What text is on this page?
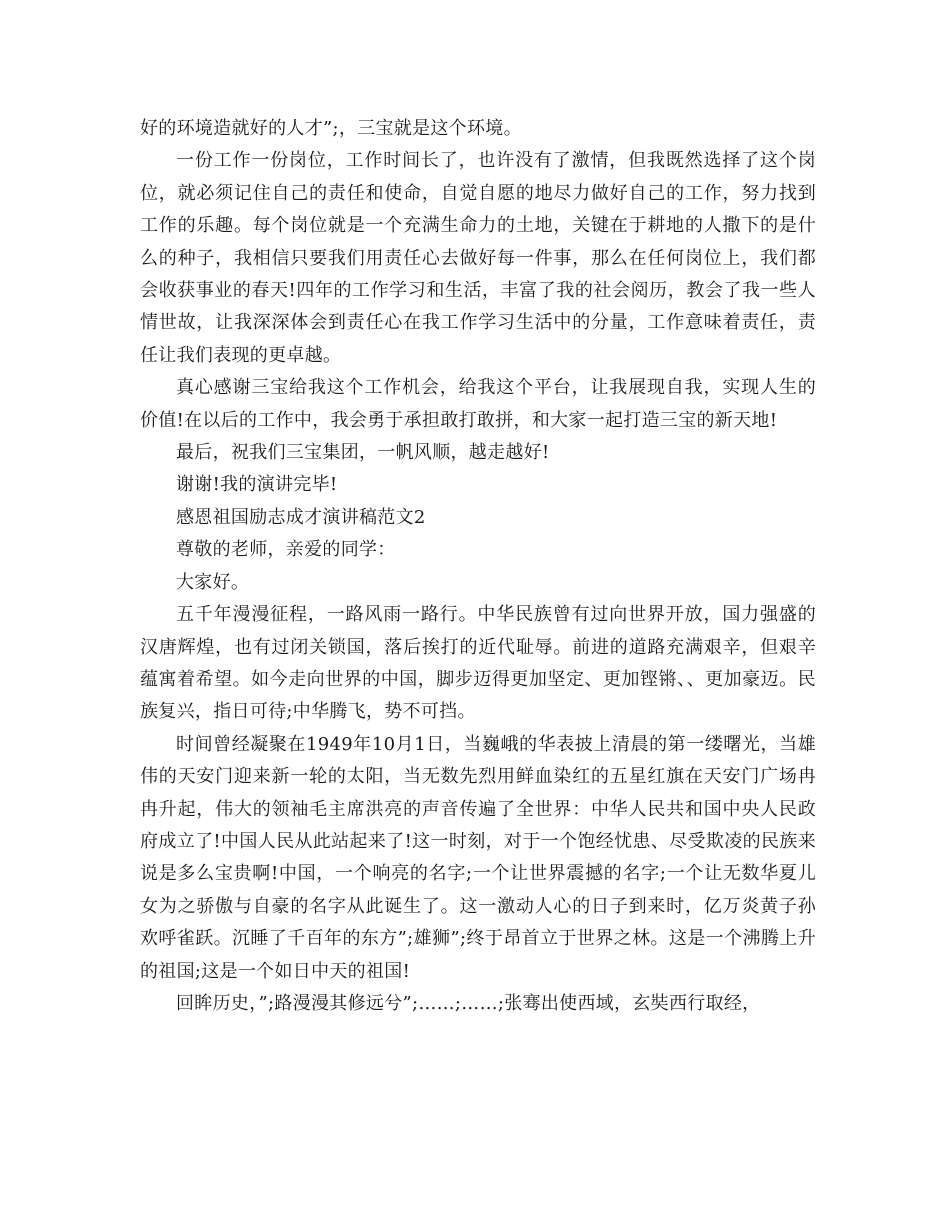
好的环境造就好的人才”;，三宝就是这个环境。

一份工作一份岗位，工作时间长了，也许没有了激情，但我既然选择了这个岗位，就必须记住自己的责任和使命，自觉自愿的地尽力做好自己的工作，努力找到工作的乐趣。每个岗位就是一个充满生命力的土地，关键在于耕地的人撒下的是什么的种子，我相信只要我们用责任心去做好每一件事，那么在任何岗位上，我们都会收获事业的春天!四年的工作学习和生活，丰富了我的社会阅历，教会了我一些人情世故，让我深深体会到责任心在我工作学习生活中的分量，工作意味着责任，责任让我们表现的更卓越。

真心感谢三宝给我这个工作机会，给我这个平台，让我展现自我，实现人生的价值!在以后的工作中，我会勇于承担敢打敢拼，和大家一起打造三宝的新天地!

最后，祝我们三宝集团，一帆风顺，越走越好!

谢谢!我的演讲完毕!

感恩祖国励志成才演讲稿范文2

尊敬的老师，亲爱的同学：

大家好。

五千年漫漫征程，一路风雨一路行。中华民族曾有过向世界开放，国力强盛的汉唐辉煌，也有过闭关锁国，落后挨打的近代耻辱。前进的道路充满艰辛，但艰辛蕴寓着希望。如今走向世界的中国，脚步迈得更加坚定、更加铿锵、、更加豪迈。民族复兴，指日可待;中华腾飞，势不可挡。

时间曾经凝聚在1949年10月1日，当巍峨的华表披上清晨的第一缕曙光，当雄伟的天安门迎来新一轮的太阳，当无数先烈用鲜血染红的五星红旗在天安门广场冉冉升起，伟大的领袖毛主席洪亮的声音传遍了全世界：中华人民共和国中央人民政府成立了!中国人民从此站起来了!这一时刻，对于一个饱经忧患、尽受欺凌的民族来说是多么宝贵啊!中国，一个响亮的名字;一个让世界震撼的名字;一个让无数华夏儿女为之骄傲与自豪的名字从此诞生了。这一激动人心的日子到来时，亿万炎黄子孙欢呼雀跃。沉睡了千百年的东方”;雄狮”;终于昂首立于世界之林。这是一个沸腾上升的祖国;这是一个如日中天的祖国!

回眸历史，”;路漫漫其修远兮”;……;……;张骞出使西域，玄奘西行取经，
